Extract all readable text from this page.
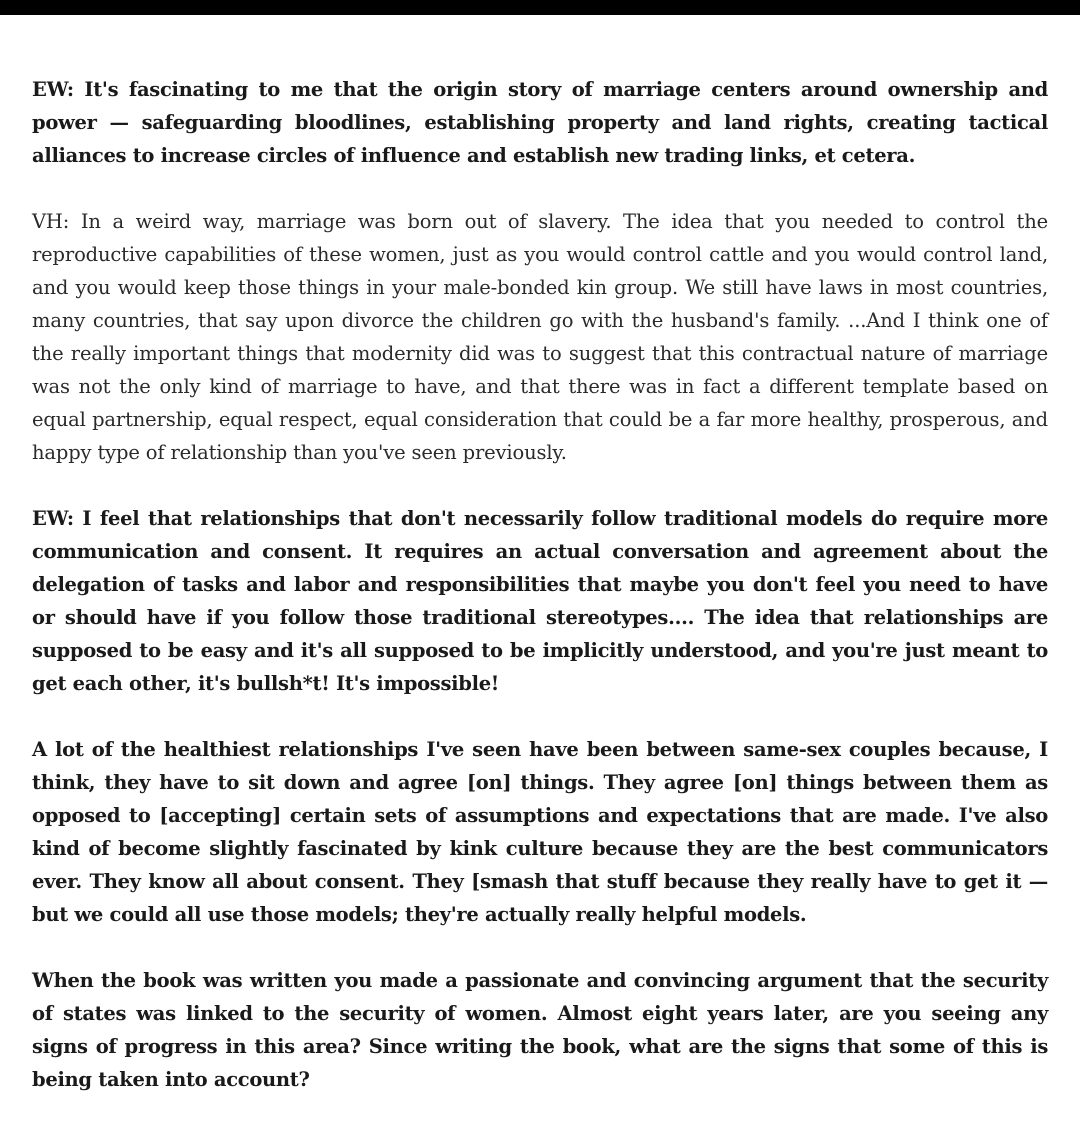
EW: It's fascinating to me that the origin story of marriage centers around ownership and power — safeguarding bloodlines, establishing property and land rights, creating tactical alliances to increase circles of influence and establish new trading links, et cetera.

VH: In a weird way, marriage was born out of slavery. The idea that you needed to control the reproductive capabilities of these women, just as you would control cattle and you would control land, and you would keep those things in your male-bonded kin group. We still have laws in most countries, many countries, that say upon divorce the children go with the husband's family. ...And I think one of the really important things that modernity did was to suggest that this contractual nature of marriage was not the only kind of marriage to have, and that there was in fact a different template based on equal partnership, equal respect, equal consideration that could be a far more healthy, prosperous, and happy type of relationship than you've seen previously.

EW: I feel that relationships that don't necessarily follow traditional models do require more communication and consent. It requires an actual conversation and agreement about the delegation of tasks and labor and responsibilities that maybe you don't feel you need to have or should have if you follow those traditional stereotypes.... The idea that relationships are supposed to be easy and it's all supposed to be implicitly understood, and you're just meant to get each other, it's bullsh*t! It's impossible!

A lot of the healthiest relationships I've seen have been between same-sex couples because, I think, they have to sit down and agree [on] things. They agree [on] things between them as opposed to [accepting] certain sets of assumptions and expectations that are made. I've also kind of become slightly fascinated by kink culture because they are the best communicators ever. They know all about consent. They [smash that stuff because they really have to get it — but we could all use those models; they're actually really helpful models.

When the book was written you made a passionate and convincing argument that the security of states was linked to the security of women. Almost eight years later, are you seeing any signs of progress in this area? Since writing the book, what are the signs that some of this is being taken into account?
